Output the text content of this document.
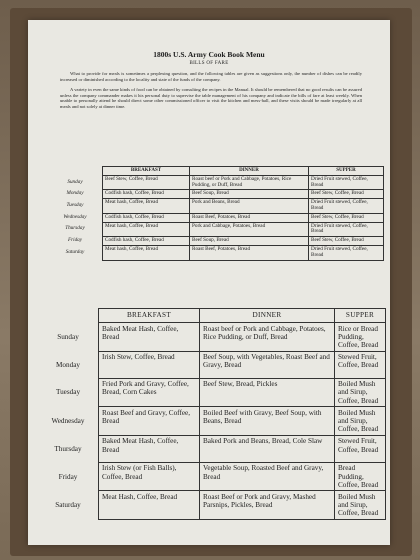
1800s U.S. Army Cook Book Menu
BILLS OF FARE
What to provide for meals is sometimes a perplexing question, and the following tables are given as suggestions only, the number of dishes can be readily increased or diminished according to the locality and state of the funds of the company.
A variety in even the same kinds of food can be obtained by consulting the recipes in the Manual. It should be remembered that no good results can be assured unless the company commander makes it his personal duty to supervise the table management of his company and indicate the bills of fare at least weekly. When unable to personally attend he should direct some other commissioned officer to visit the kitchen and mess-hall, and these visits should be made irregularly at all meals and not solely at dinner time.
	BREAKFAST	DINNER	SUPPER
Sunday	Beef Stew, Coffee, Bread	Roast beef or Pork and Cabbage, Potatoes, Rice Pudding, or Duff, Bread	Dried Fruit stewed, Coffee, Bread
Monday	Codfish hash, Coffee, Bread	Beef Soup, Bread	Beef Stew, Coffee, Bread
Tuesday	Meat hash, Coffee, Bread	Pork and Beans, Bread	Dried Fruit stewed, Coffee, Bread
Wednesday	Codfish hash, Coffee, Bread	Roast Beef, Potatoes, Bread	Beef Stew, Coffee, Bread
Thursday	Meat hash, Coffee, Bread	Pork and Cabbage, Potatoes, Bread	Dried Fruit stewed, Coffee, Bread
Friday	Codfish hash, Coffee, Bread	Beef Soup, Bread	Beef Stew, Coffee, Bread
Saturday	Meat hash, Coffee, Bread	Roast Beef, Potatoes, Bread	Dried Fruit stewed, Coffee, Bread
	BREAKFAST	DINNER	SUPPER
Sunday	Baked Meat Hash, Coffee, Bread	Roast beef or Pork and Cabbage, Potatoes, Rice Pudding, or Duff, Bread	Rice or Bread Pudding, Coffee, Bread
Monday	Irish Stew, Coffee, Bread	Beef Soup, with Vegetables, Roast Beef and Gravy, Bread	Stewed Fruit, Coffee, Bread
Tuesday	Fried Pork and Gravy, Coffee, Bread, Corn Cakes	Beef Stew, Bread, Pickles	Boiled Mush and Sirup, Coffee, Bread
Wednesday	Roast Beef and Gravy, Coffee, Bread	Boiled Beef with Gravy, Beef Soup, with Beans, Bread	Boiled Mush and Sirup, Coffee, Bread
Thursday	Baked Meat Hash, Coffee, Bread	Baked Pork and Beans, Bread, Cole Slaw	Stewed Fruit, Coffee, Bread
Friday	Irish Stew (or Fish Balls), Coffee, Bread	Vegetable Soup, Roasted Beef and Gravy, Bread	Bread Pudding, Coffee, Bread
Saturday	Meat Hash, Coffee, Bread	Roast Beef or Pork and Gravy, Mashed Parsnips, Pickles, Bread	Boiled Mush and Sirup, Coffee, Bread
